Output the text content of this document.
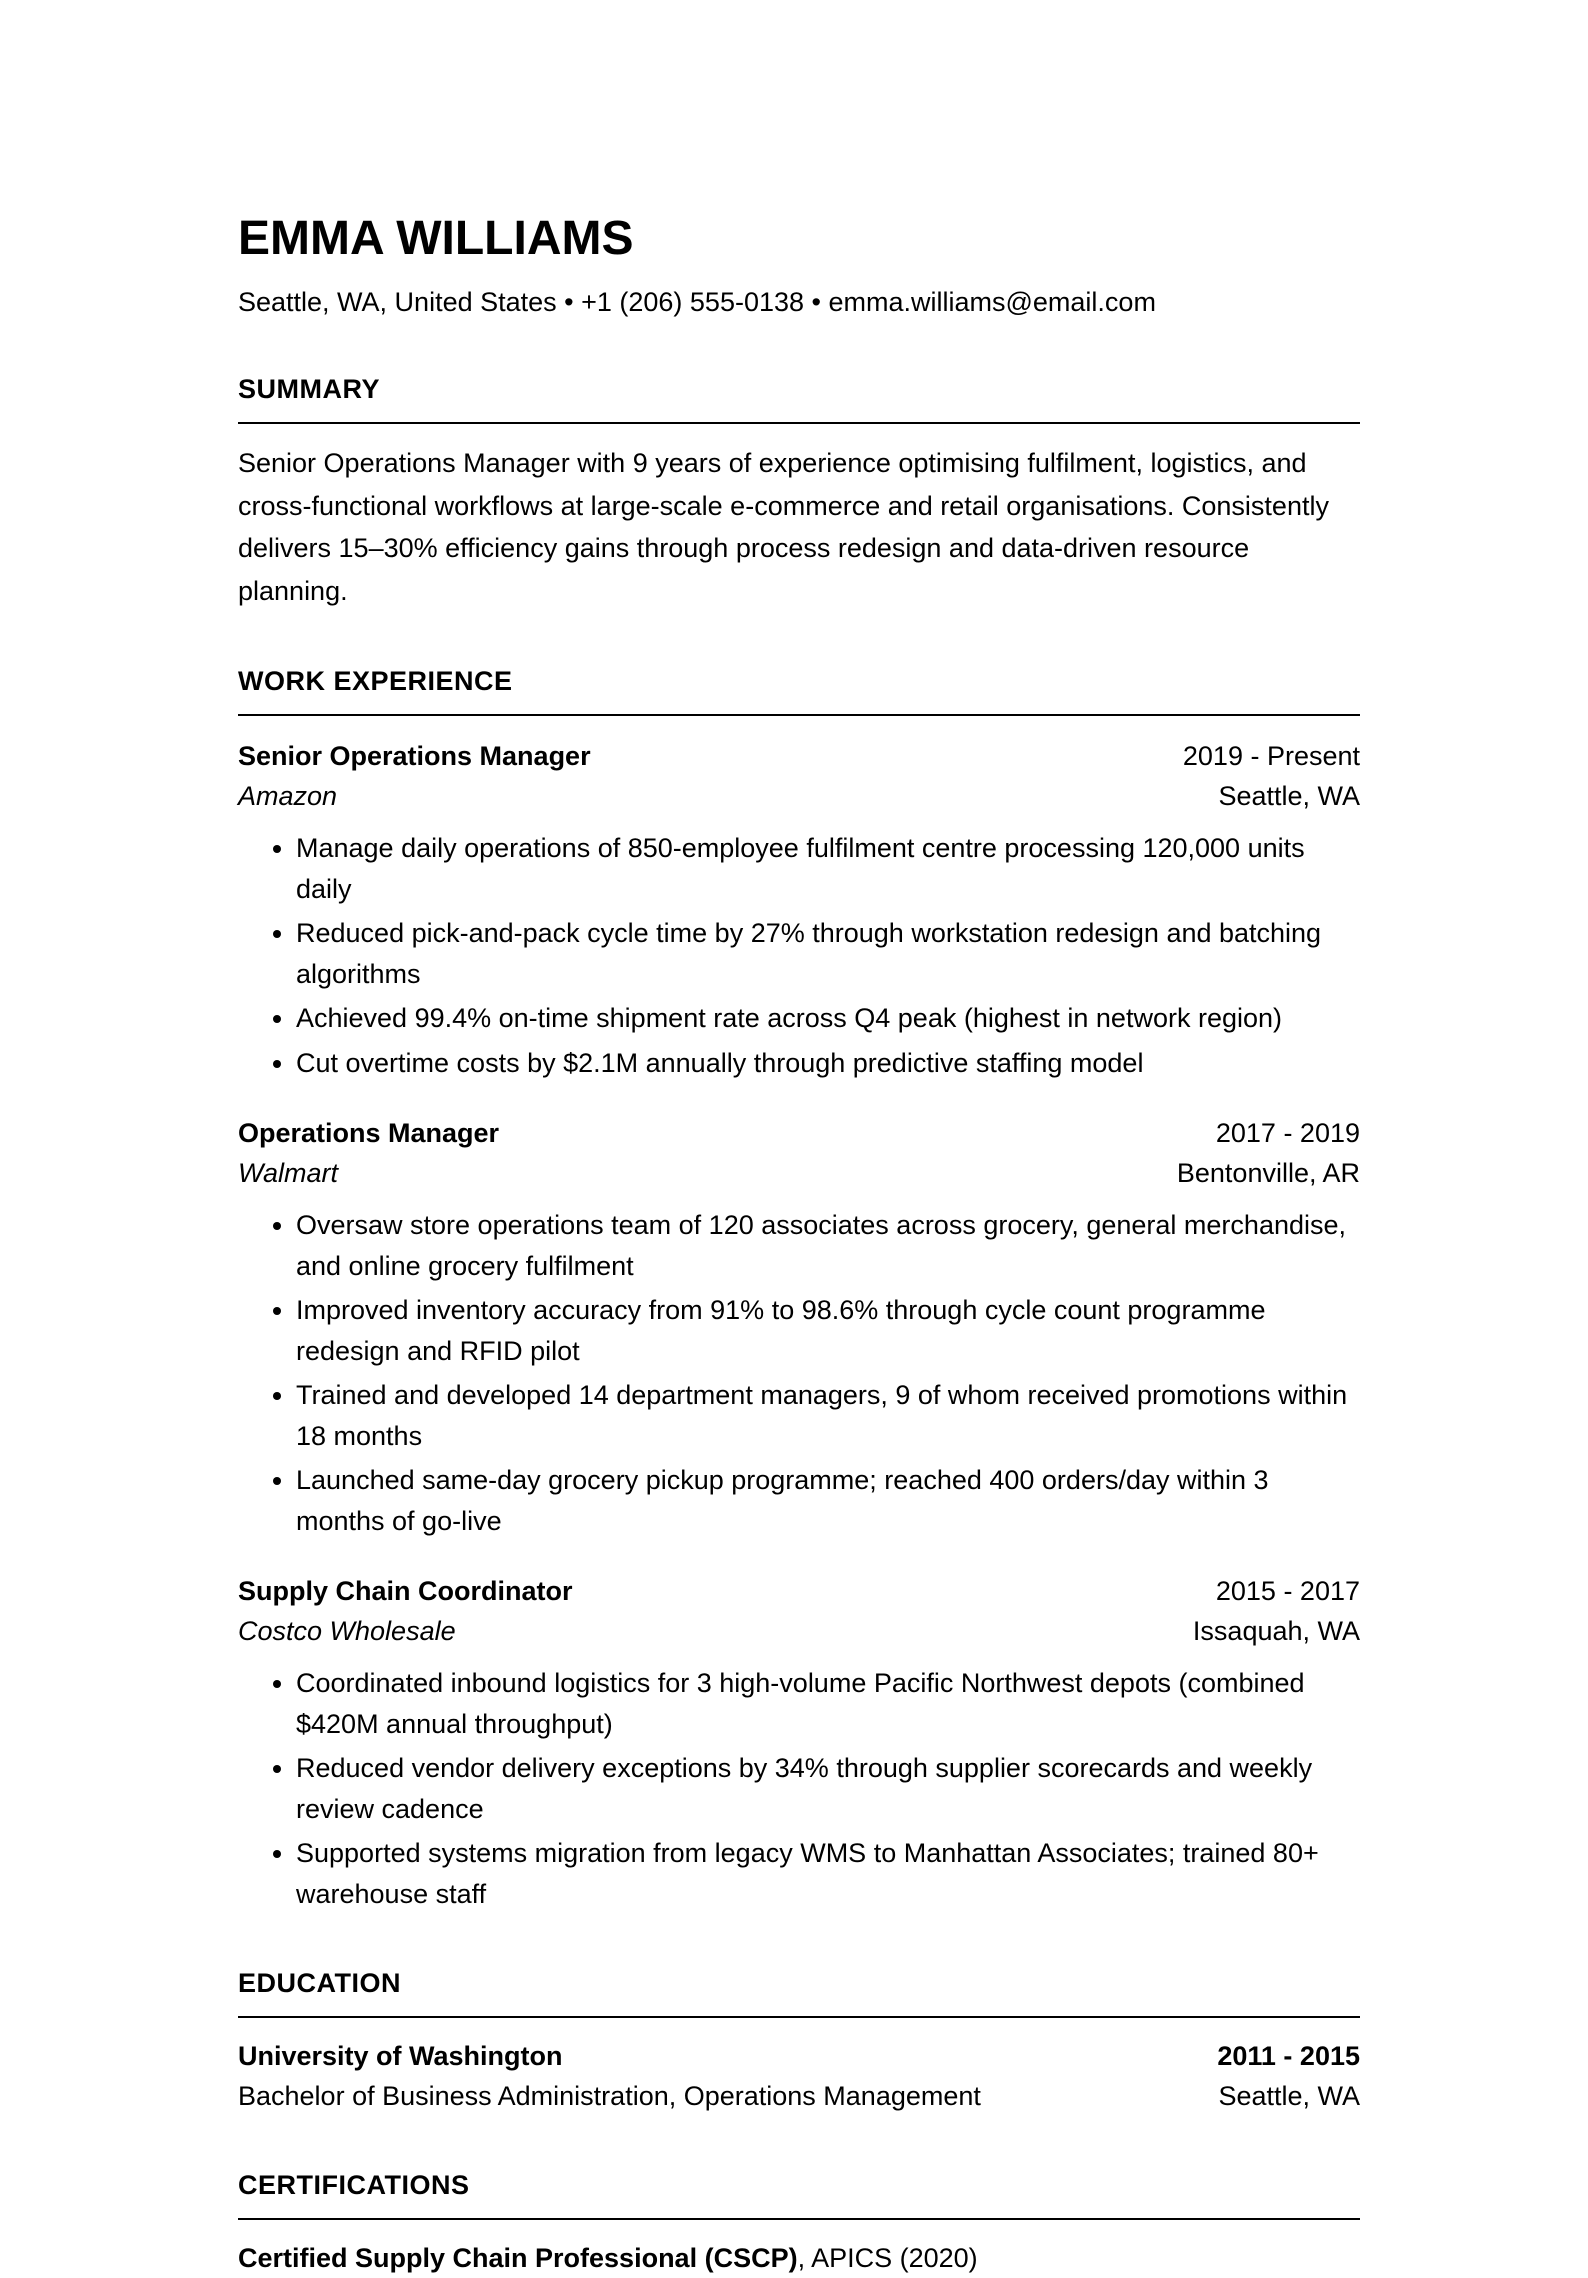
EMMA WILLIAMS
Seattle, WA, United States • +1 (206) 555-0138 • emma.williams@email.com
SUMMARY
Senior Operations Manager with 9 years of experience optimising fulfilment, logistics, and cross-functional workflows at large-scale e-commerce and retail organisations. Consistently delivers 15–30% efficiency gains through process redesign and data-driven resource planning.
WORK EXPERIENCE
Senior Operations Manager	2019 - Present
Amazon	Seattle, WA
• Manage daily operations of 850-employee fulfilment centre processing 120,000 units daily
• Reduced pick-and-pack cycle time by 27% through workstation redesign and batching algorithms
• Achieved 99.4% on-time shipment rate across Q4 peak (highest in network region)
• Cut overtime costs by $2.1M annually through predictive staffing model
Operations Manager	2017 - 2019
Walmart	Bentonville, AR
• Oversaw store operations team of 120 associates across grocery, general merchandise, and online grocery fulfilment
• Improved inventory accuracy from 91% to 98.6% through cycle count programme redesign and RFID pilot
• Trained and developed 14 department managers, 9 of whom received promotions within 18 months
• Launched same-day grocery pickup programme; reached 400 orders/day within 3 months of go-live
Supply Chain Coordinator	2015 - 2017
Costco Wholesale	Issaquah, WA
• Coordinated inbound logistics for 3 high-volume Pacific Northwest depots (combined $420M annual throughput)
• Reduced vendor delivery exceptions by 34% through supplier scorecards and weekly review cadence
• Supported systems migration from legacy WMS to Manhattan Associates; trained 80+ warehouse staff
EDUCATION
University of Washington	2011 - 2015
Bachelor of Business Administration, Operations Management	Seattle, WA
CERTIFICATIONS
Certified Supply Chain Professional (CSCP), APICS (2020)
